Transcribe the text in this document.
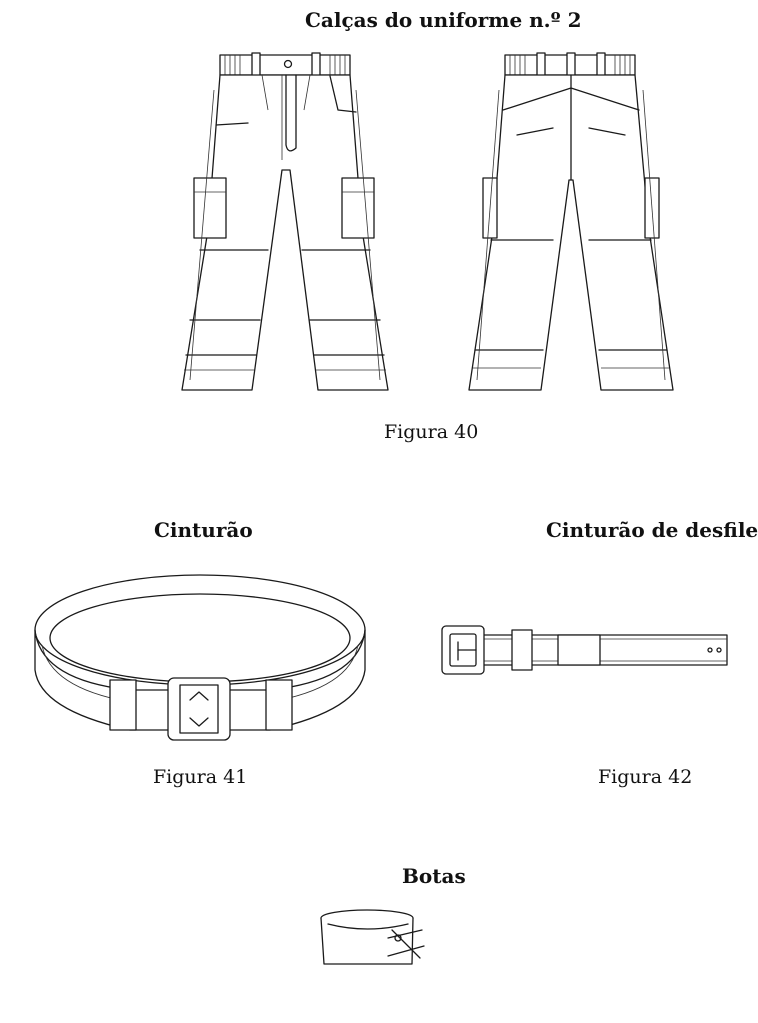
Calças do uniforme n.º 2
Figura 40
Cinturão
Figura 41
Cinturão de desfile
Figura 42
Botas
